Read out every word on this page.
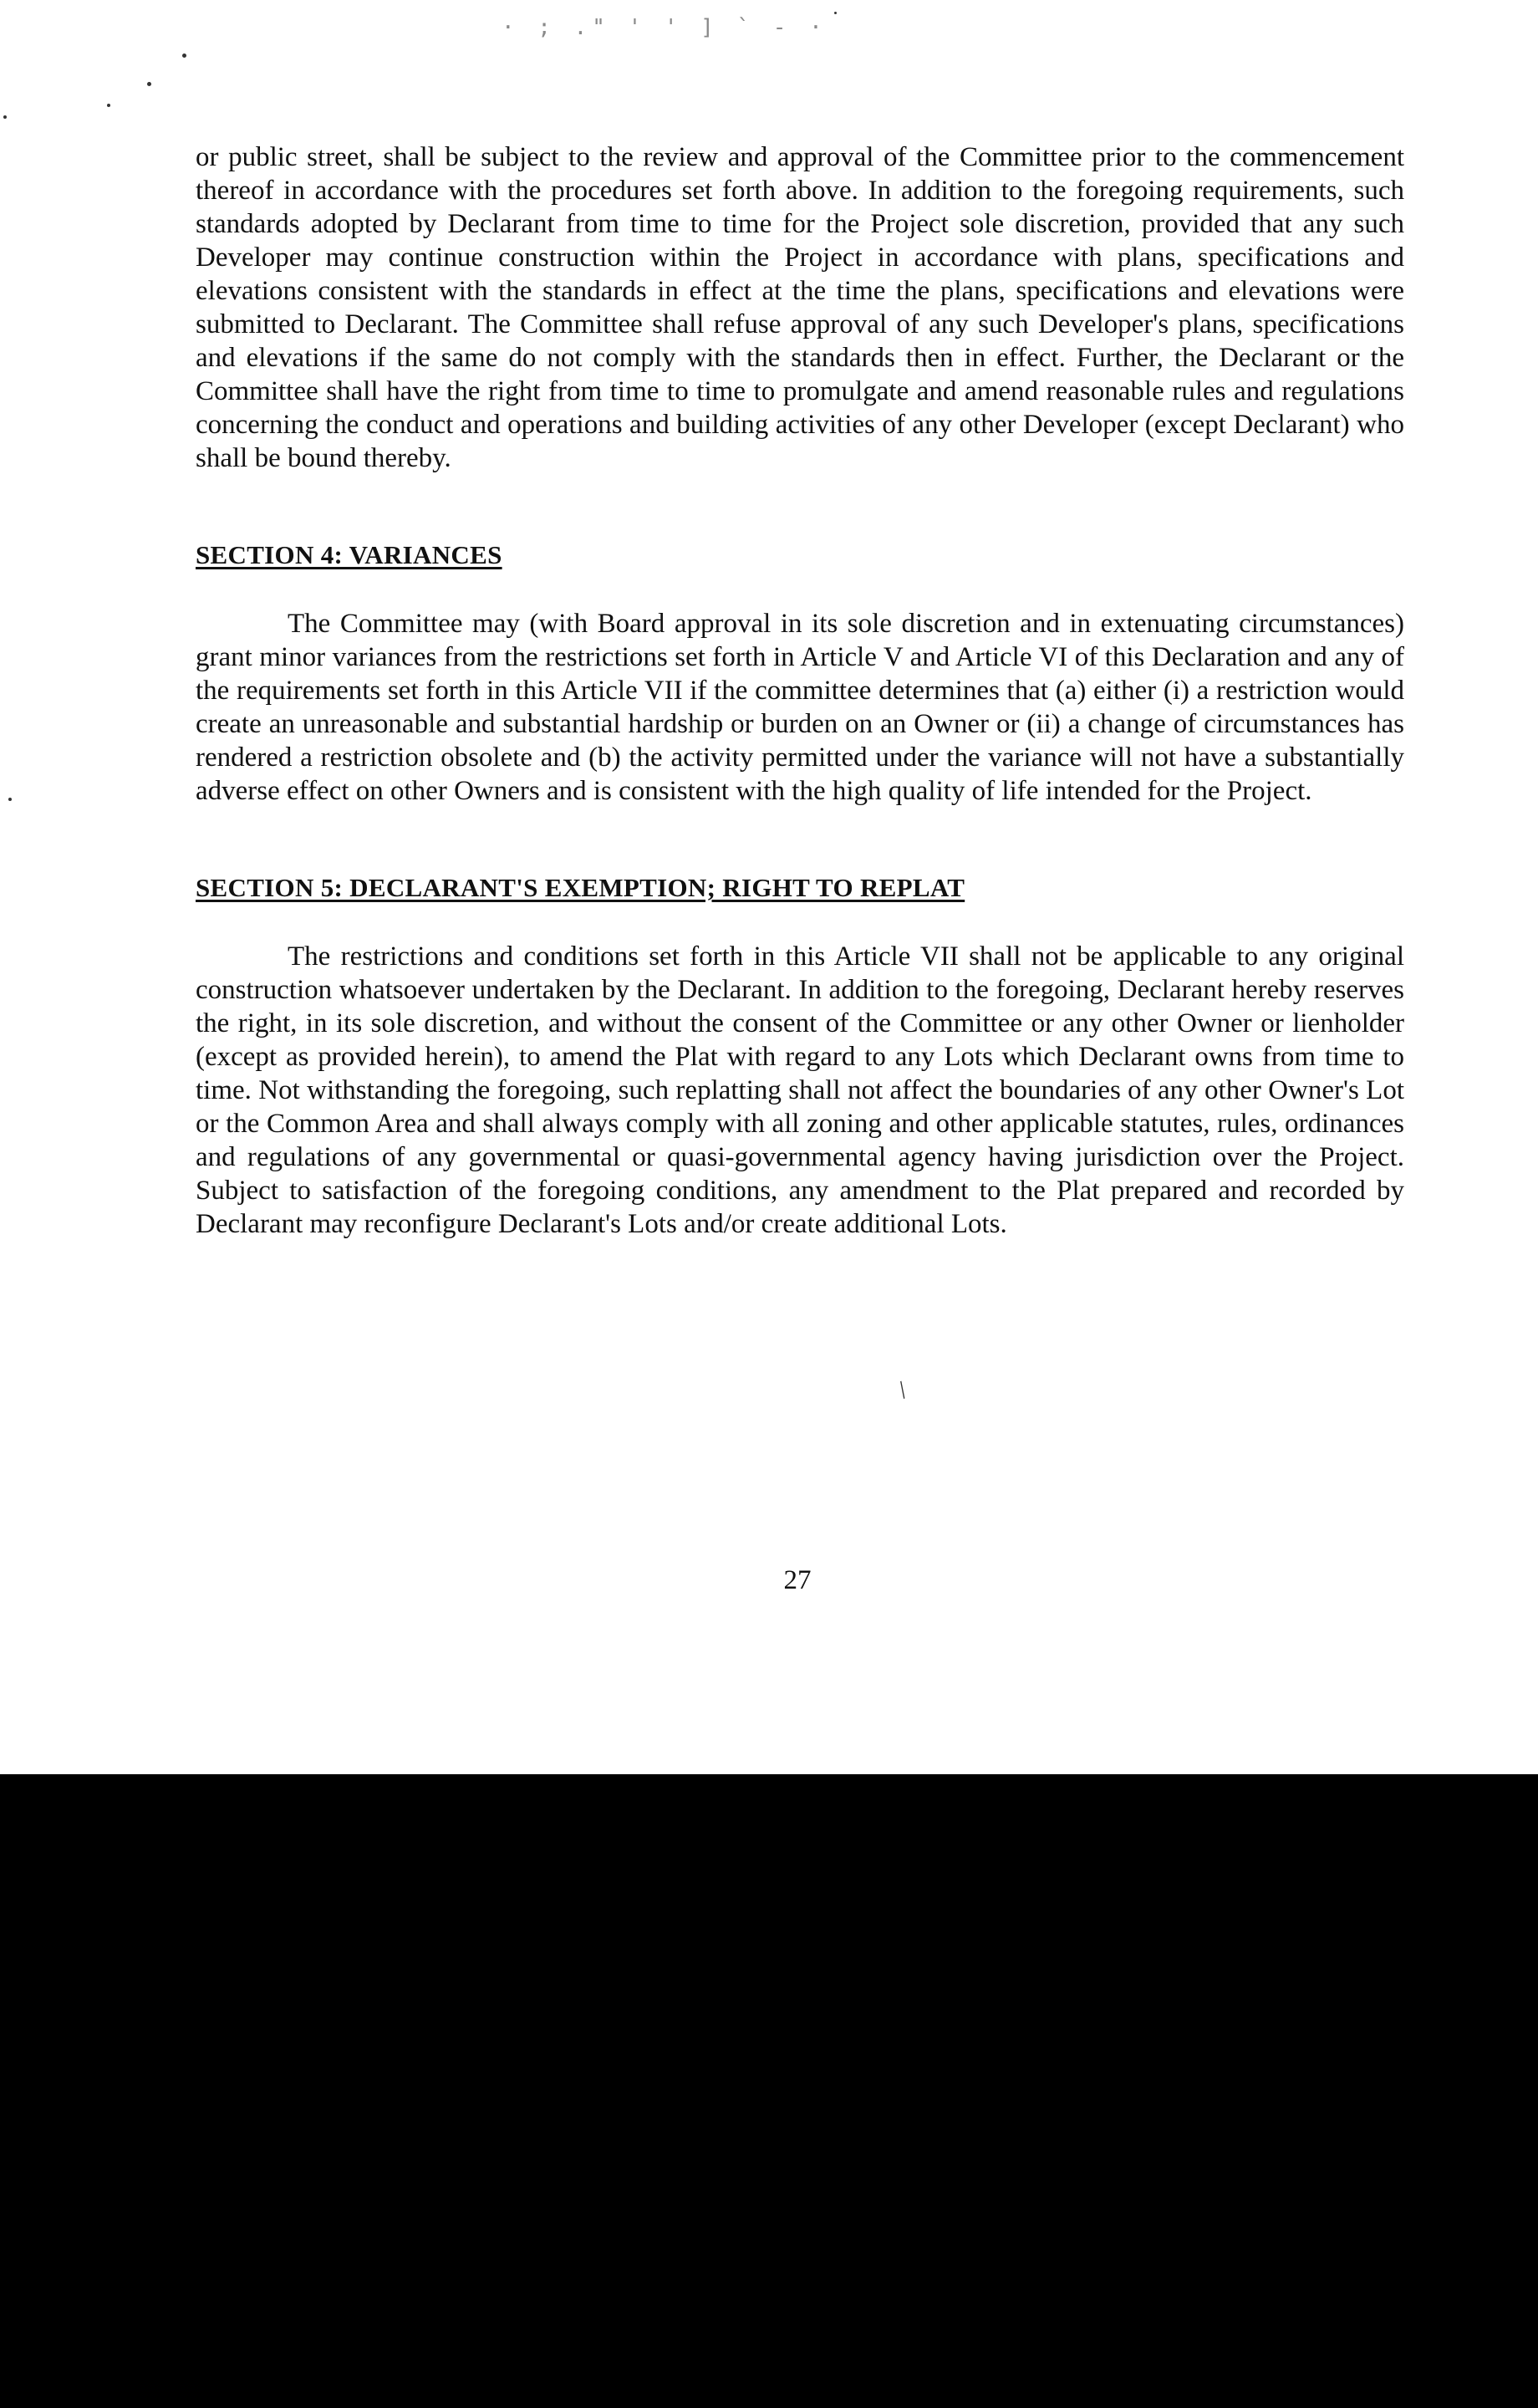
· ; ." ' ' ] ` - ·

or public street, shall be subject to the review and approval of the Committee prior to the commencement thereof in accordance with the procedures set forth above. In addition to the foregoing requirements, such standards adopted by Declarant from time to time for the Project sole discretion, provided that any such Developer may continue construction within the Project in accordance with plans, specifications and elevations consistent with the standards in effect at the time the plans, specifications and elevations were submitted to Declarant. The Committee shall refuse approval of any such Developer's plans, specifications and elevations if the same do not comply with the standards then in effect. Further, the Declarant or the Committee shall have the right from time to time to promulgate and amend reasonable rules and regulations concerning the conduct and operations and building activities of any other Developer (except Declarant) who shall be bound thereby.

SECTION 4: VARIANCES

The Committee may (with Board approval in its sole discretion and in extenuating circumstances) grant minor variances from the restrictions set forth in Article V and Article VI of this Declaration and any of the requirements set forth in this Article VII if the committee determines that (a) either (i) a restriction would create an unreasonable and substantial hardship or burden on an Owner or (ii) a change of circumstances has rendered a restriction obsolete and (b) the activity permitted under the variance will not have a substantially adverse effect on other Owners and is consistent with the high quality of life intended for the Project.

SECTION 5: DECLARANT'S EXEMPTION; RIGHT TO REPLAT

The restrictions and conditions set forth in this Article VII shall not be applicable to any original construction whatsoever undertaken by the Declarant. In addition to the foregoing, Declarant hereby reserves the right, in its sole discretion, and without the consent of the Committee or any other Owner or lienholder (except as provided herein), to amend the Plat with regard to any Lots which Declarant owns from time to time. Not withstanding the foregoing, such replatting shall not affect the boundaries of any other Owner's Lot or the Common Area and shall always comply with all zoning and other applicable statutes, rules, ordinances and regulations of any governmental or quasi-governmental agency having jurisdiction over the Project. Subject to satisfaction of the foregoing conditions, any amendment to the Plat prepared and recorded by Declarant may reconfigure Declarant's Lots and/or create additional Lots.

/
27
